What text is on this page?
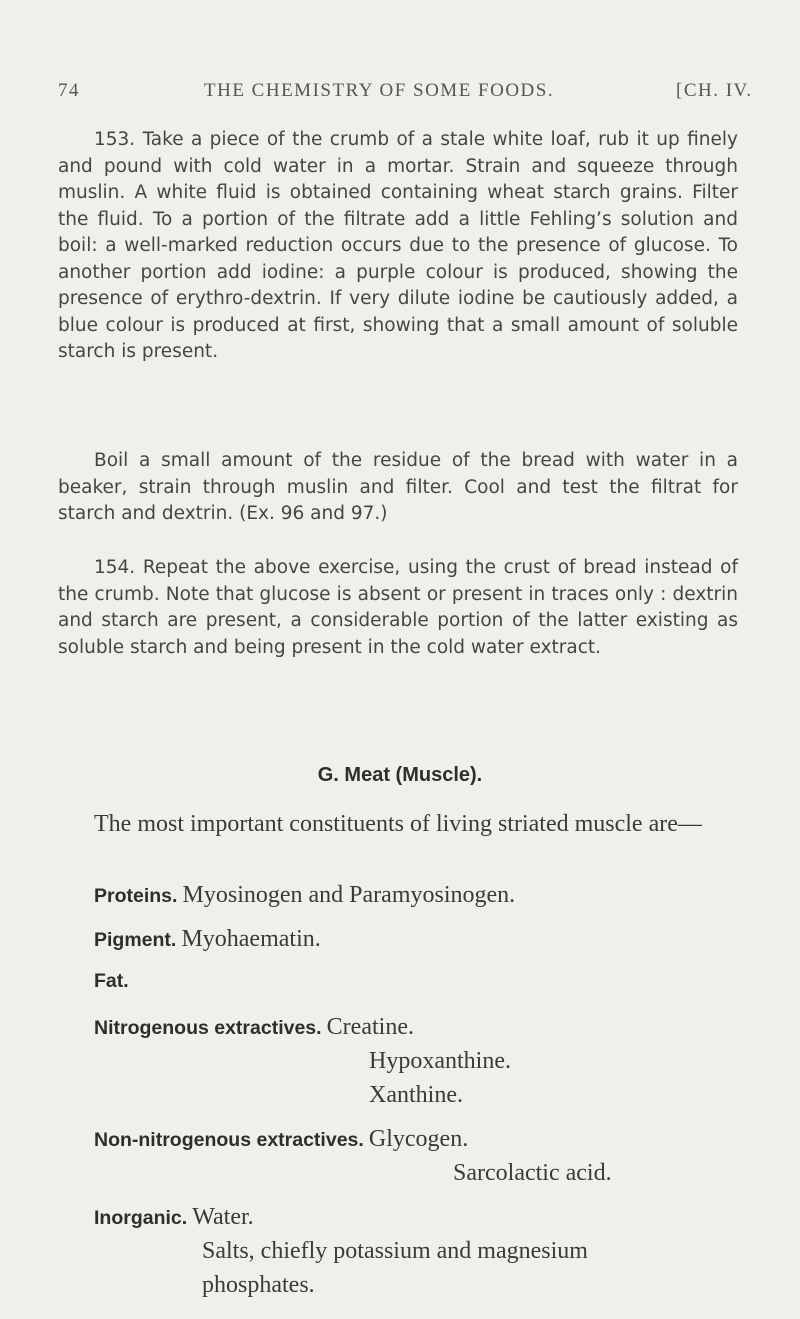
74	THE CHEMISTRY OF SOME FOODS.	[CH. IV.

153. Take a piece of the crumb of a stale white loaf, rub it up finely and pound with cold water in a mortar. Strain and squeeze through muslin. A white fluid is obtained containing wheat starch grains. Filter the fluid. To a portion of the filtrate add a little Fehling’s solution and boil: a well-marked reduction occurs due to the presence of glucose. To another portion add iodine: a purple colour is produced, showing the presence of erythro-dextrin. If very dilute iodine be cautiously added, a blue colour is produced at first, showing that a small amount of soluble starch is present.

Boil a small amount of the residue of the bread with water in a beaker, strain through muslin and filter. Cool and test the filtrat for starch and dextrin. (Ex. 96 and 97.)

154. Repeat the above exercise, using the crust of bread instead of the crumb. Note that glucose is absent or present in traces only : dextrin and starch are present, a considerable portion of the latter existing as soluble starch and being present in the cold water extract.

G. Meat (Muscle).

The most important constituents of living striated muscle are—

Proteins. Myosinogen and Paramyosinogen.
Pigment. Myohaematin.
Fat.
Nitrogenous extractives. Creatine.
Hypoxanthine.
Xanthine.
Non-nitrogenous extractives. Glycogen.
Sarcolactic acid.
Inorganic. Water.
Salts, chiefly potassium and magnesium
phosphates.
